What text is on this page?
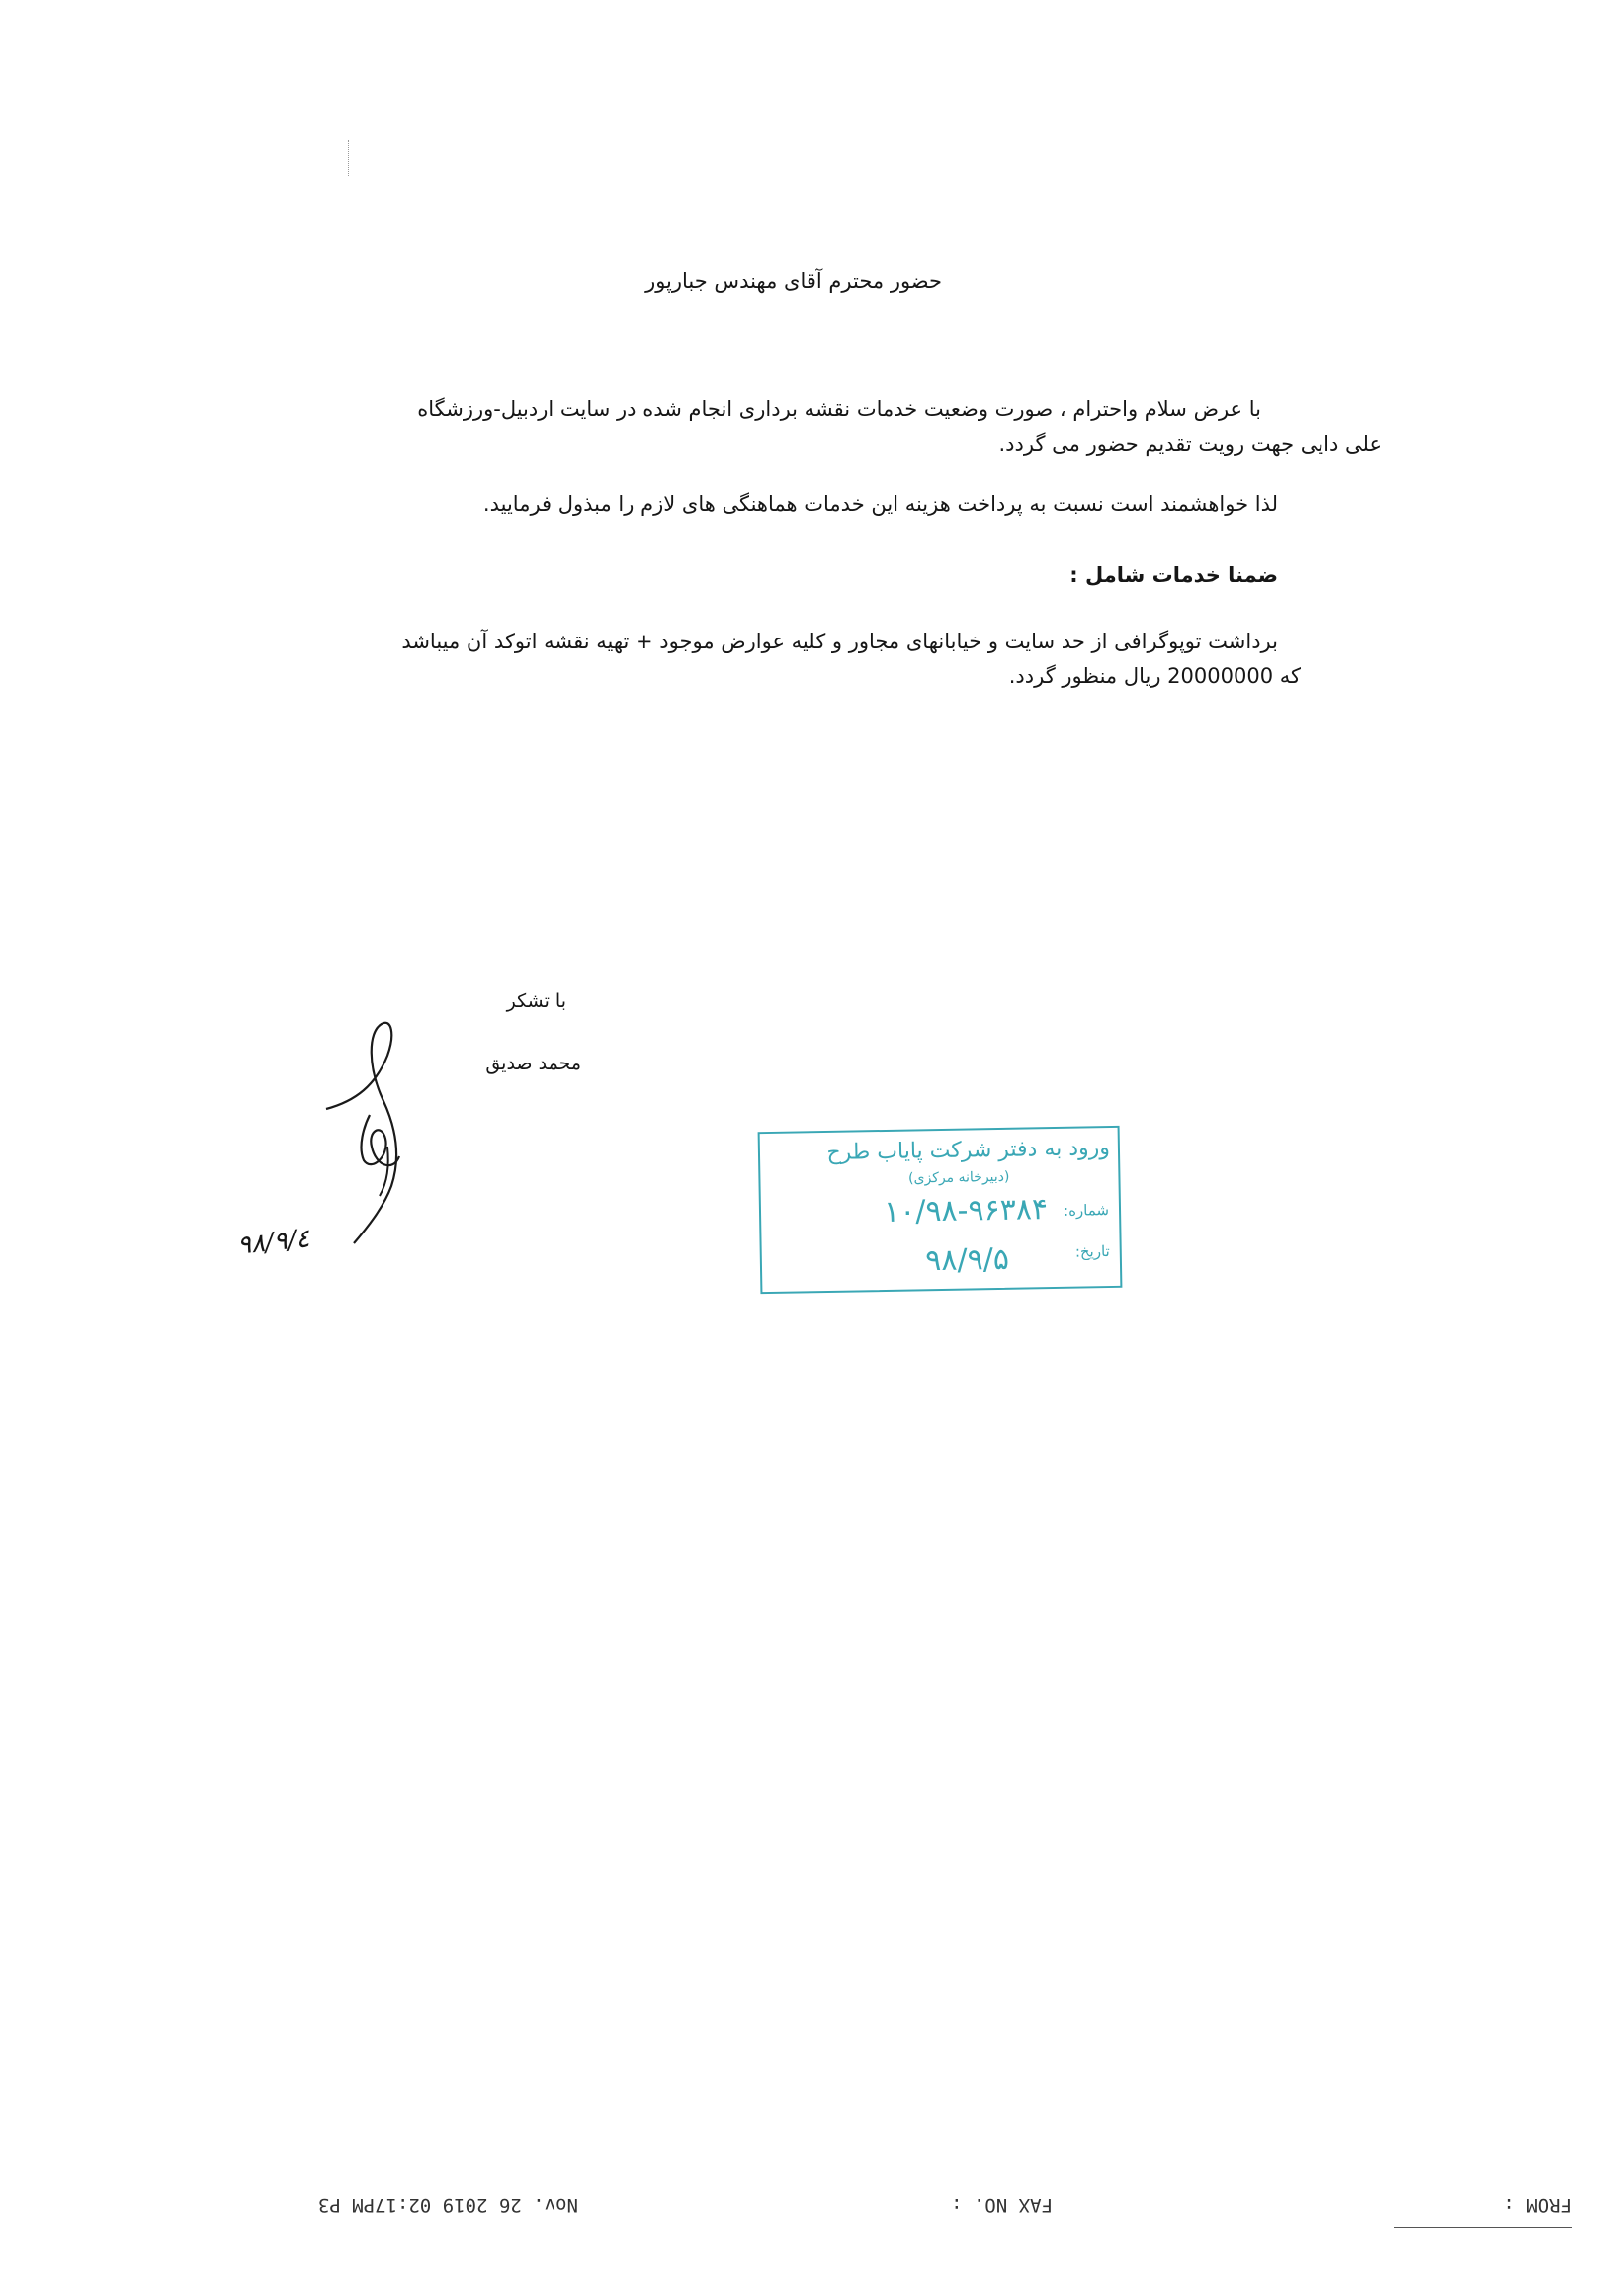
حضور محترم آقای مهندس جبارپور

با عرض سلام واحترام ، صورت وضعیت خدمات نقشه برداری انجام شده در سایت اردبیل-ورزشگاه

علی دایی جهت رویت تقدیم حضور می گردد.

لذا خواهشمند است نسبت به پرداخت هزینه این خدمات هماهنگی های لازم را مبذول فرمایید.

ضمنا خدمات شامل :

برداشت توپوگرافی از حد سایت و خیابانهای مجاور و کلیه عوارض موجود + تهیه نقشه اتوکد آن میباشد

که 20000000 ریال منظور گردد.

با تشکر

محمد صدیق

۹۸/۹/٤

ورود به دفتر شرکت پایاب طرح
(دبیرخانه مرکزی)
شماره:
۱۰/۹۸-۹۶۳۸۴
تاریخ:
۹۸/۹/۵
FROM :
FAX NO. :
Nov. 26 2019 02:17PM P3
